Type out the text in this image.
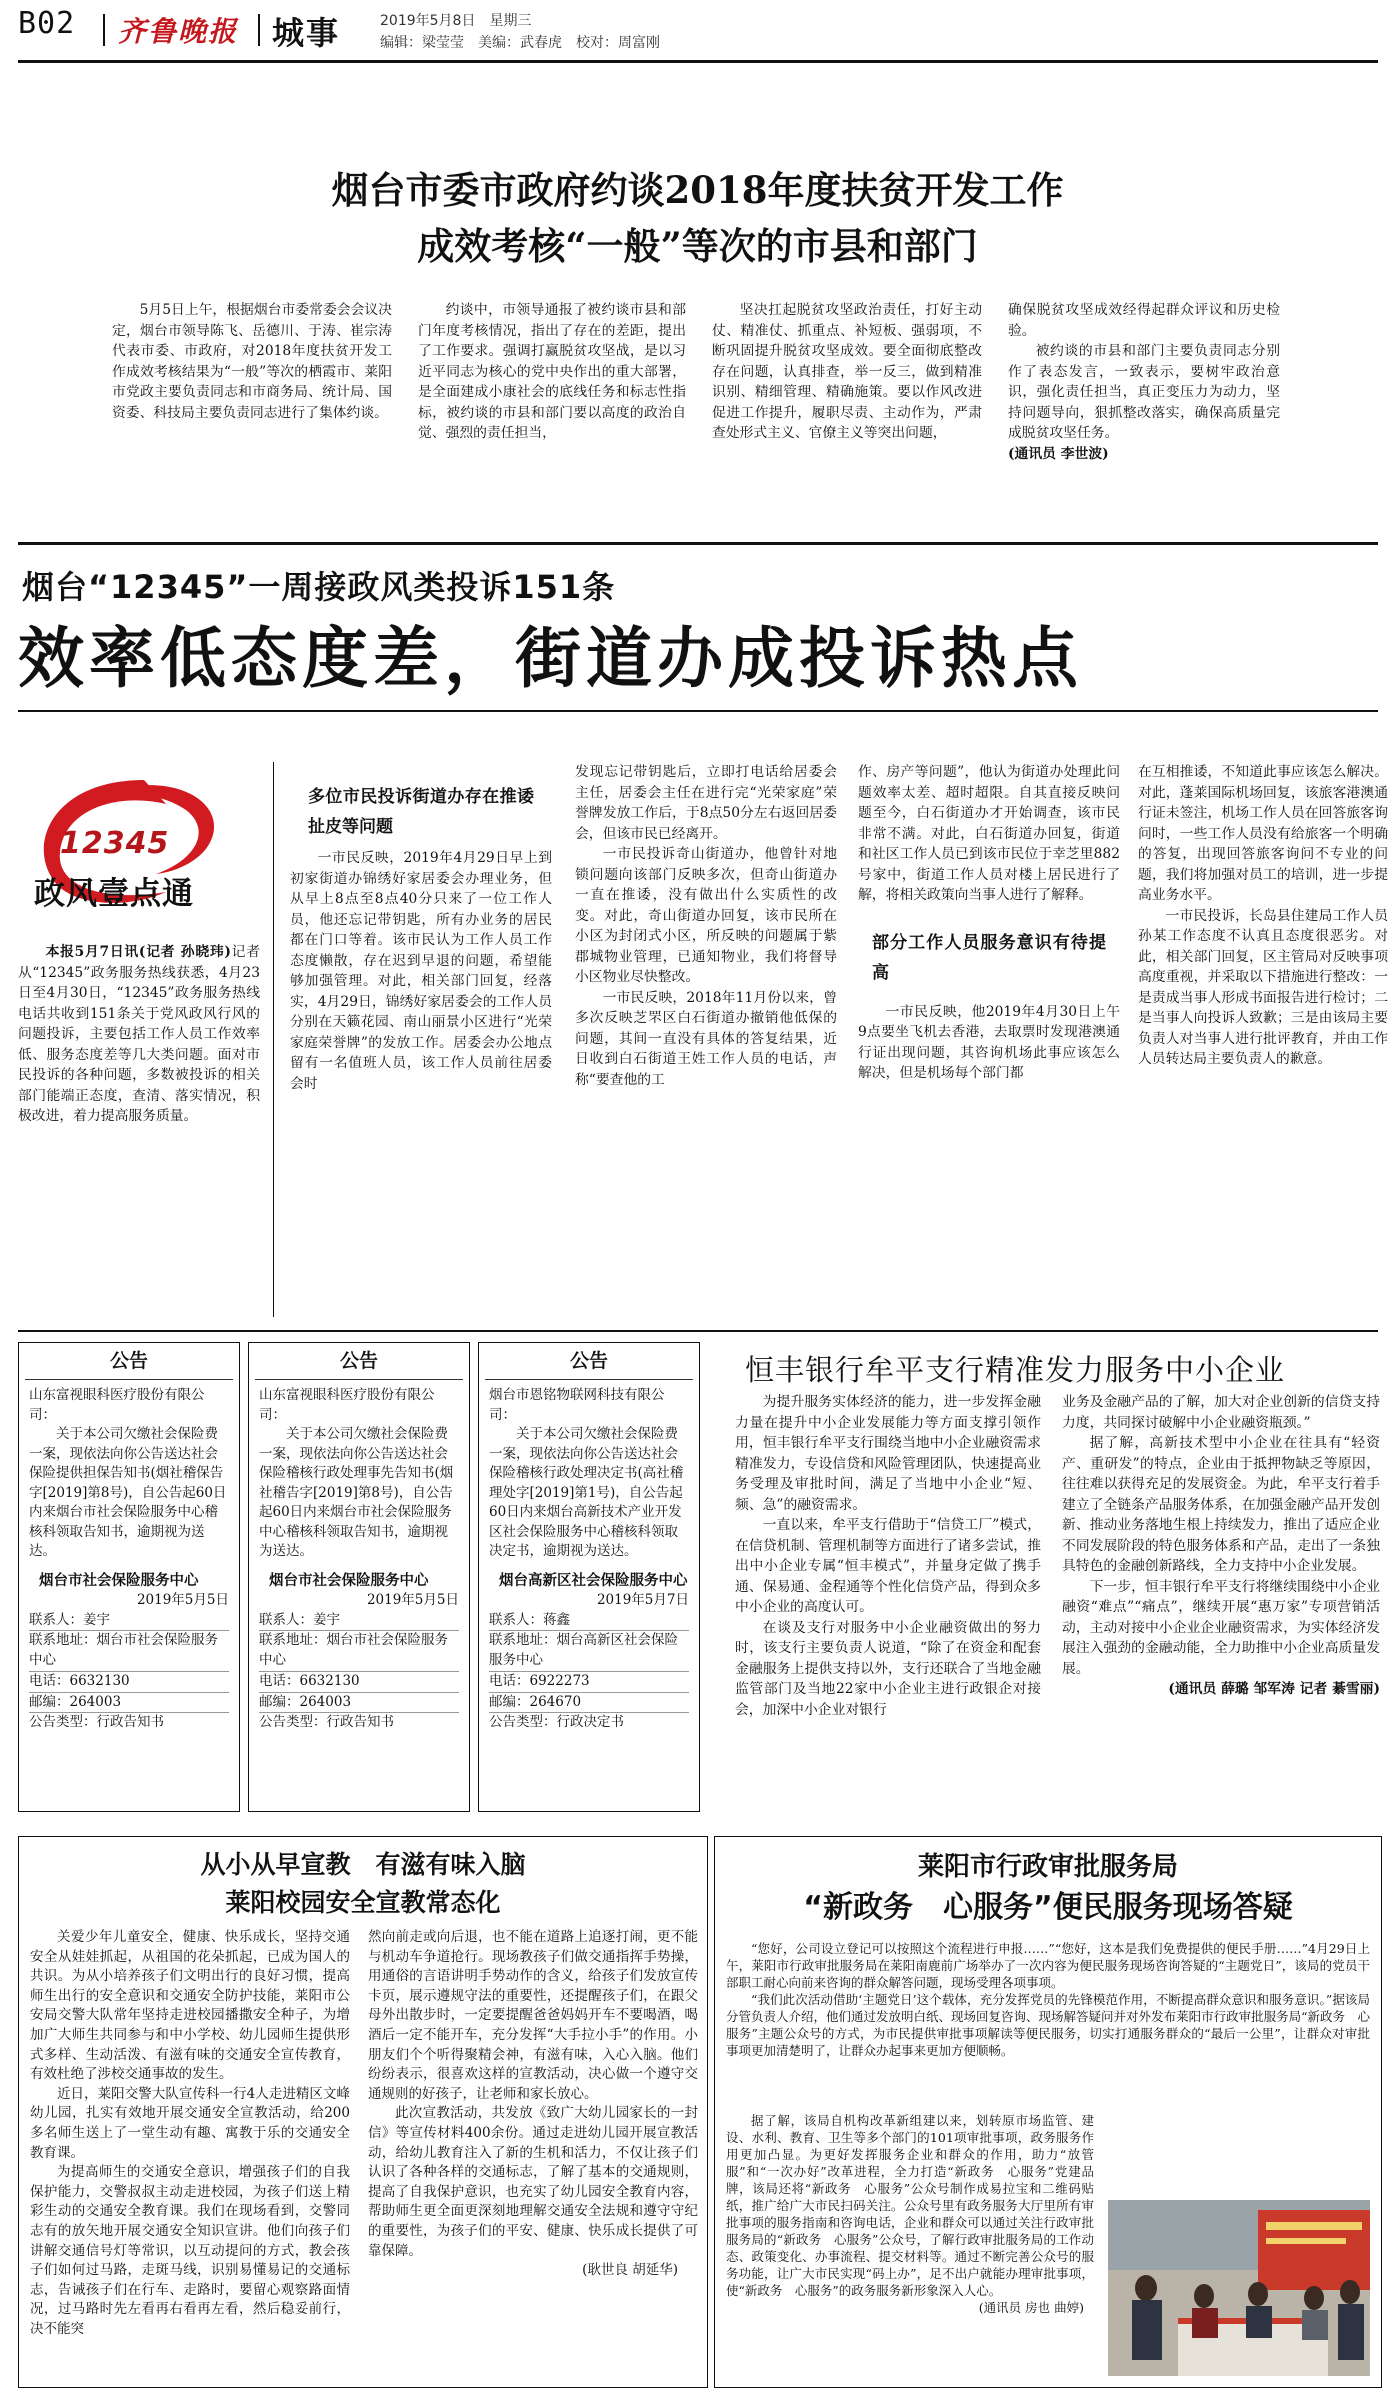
B02 齐鲁晚报 城事	2019年5月8日　星期三
编辑：梁莹莹　美编：武春虎　校对：周富刚
烟台市委市政府约谈2018年度扶贫开发工作
成效考核“一般”等次的市县和部门

5月5日上午，根据烟台市委常委会会议决定，烟台市领导陈飞、岳德川、于涛、崔宗涛代表市委、市政府，对2018年度扶贫开发工作成效考核结果为“一般”等次的栖霞市、莱阳市党政主要负责同志和市商务局、统计局、国资委、科技局主要负责同志进行了集体约谈。

约谈中，市领导通报了被约谈市县和部门年度考核情况，指出了存在的差距，提出了工作要求。强调打赢脱贫攻坚战，是以习近平同志为核心的党中央作出的重大部署，是全面建成小康社会的底线任务和标志性指标，被约谈的市县和部门要以高度的政治自觉、强烈的责任担当，

坚决扛起脱贫攻坚政治责任，打好主动仗、精准仗、抓重点、补短板、强弱项，不断巩固提升脱贫攻坚成效。要全面彻底整改存在问题，认真排查，举一反三，做到精准识别、精细管理、精确施策。要以作风改进促进工作提升，履职尽责、主动作为，严肃查处形式主义、官僚主义等突出问题，

确保脱贫攻坚成效经得起群众评议和历史检验。

被约谈的市县和部门主要负责同志分别作了表态发言，一致表示，要树牢政治意识，强化责任担当，真正变压力为动力，坚持问题导向，狠抓整改落实，确保高质量完成脱贫攻坚任务。

(通讯员 李世波)
烟台“12345”一周接政风类投诉151条
效率低态度差，街道办成投诉热点
12345
政风壹点通

本报5月7日讯(记者 孙晓玮)记者从“12345”政务服务热线获悉，4月23日至4月30日，“12345”政务服务热线电话共收到151条关于党风政风行风的问题投诉，主要包括工作人员工作效率低、服务态度差等几大类问题。面对市民投诉的各种问题，多数被投诉的相关部门能端正态度，查清、落实情况，积极改进，着力提高服务质量。

多位市民投诉街道办存在推诿扯皮等问题

一市民反映，2019年4月29日早上到初家街道办锦绣好家居委会办理业务，但从早上8点至8点40分只来了一位工作人员，他还忘记带钥匙，所有办业务的居民都在门口等着。该市民认为工作人员工作态度懒散，存在迟到早退的问题，希望能够加强管理。对此，相关部门回复，经落实，4月29日，锦绣好家居委会的工作人员分别在天籁花园、南山丽景小区进行“光荣家庭荣誉牌”的发放工作。居委会办公地点留有一名值班人员，该工作人员前往居委会时

发现忘记带钥匙后，立即打电话给居委会主任，居委会主任在进行完“光荣家庭”荣誉牌发放工作后，于8点50分左右返回居委会，但该市民已经离开。

一市民投诉奇山街道办，他曾针对地锁问题向该部门反映多次，但奇山街道办一直在推诿，没有做出什么实质性的改变。对此，奇山街道办回复，该市民所在小区为封闭式小区，所反映的问题属于紫郡城物业管理，已通知物业，我们将督导小区物业尽快整改。

一市民反映，2018年11月份以来，曾多次反映芝罘区白石街道办撤销他低保的问题，其间一直没有具体的答复结果，近日收到白石街道王姓工作人员的电话，声称“要查他的工

作、房产等问题”，他认为街道办处理此问题效率太差、超时超限。自其直接反映问题至今，白石街道办才开始调查，该市民非常不满。对此，白石街道办回复，街道和社区工作人员已到该市民位于幸芝里882号家中，街道工作人员对楼上居民进行了解，将相关政策向当事人进行了解释。

部分工作人员服务意识有待提高

一市民反映，他2019年4月30日上午9点要坐飞机去香港，去取票时发现港澳通行证出现问题，其咨询机场此事应该怎么解决，但是机场每个部门都

在互相推诿，不知道此事应该怎么解决。对此，蓬莱国际机场回复，该旅客港澳通行证未签注，机场工作人员在回答旅客询问时，一些工作人员没有给旅客一个明确的答复，出现回答旅客询问不专业的问题，我们将加强对员工的培训，进一步提高业务水平。

一市民投诉，长岛县住建局工作人员孙某工作态度不认真且态度很恶劣。对此，相关部门回复，区主管局对反映事项高度重视，并采取以下措施进行整改：一是责成当事人形成书面报告进行检讨；二是当事人向投诉人致歉；三是由该局主要负责人对当事人进行批评教育，并由工作人员转达局主要负责人的歉意。

公告

山东富视眼科医疗股份有限公司：

关于本公司欠缴社会保险费一案，现依法向你公告送达社会保险提供担保告知书(烟社稽保告字[2019]第8号)，自公告起60日内来烟台市社会保险服务中心稽核科领取告知书，逾期视为送达。

烟台市社会保险服务中心
2019年5月5日
联系人：姜宇
联系地址：烟台市社会保险服务中心
电话：6632130
邮编：264003
公告类型：行政告知书
公告

山东富视眼科医疗股份有限公司：

关于本公司欠缴社会保险费一案，现依法向你公告送达社会保险稽核行政处理事先告知书(烟社稽告字[2019]第8号)，自公告起60日内来烟台市社会保险服务中心稽核科领取告知书，逾期视为送达。

烟台市社会保险服务中心
2019年5月5日
联系人：姜宇
联系地址：烟台市社会保险服务中心
电话：6632130
邮编：264003
公告类型：行政告知书
公告

烟台市恩铭物联网科技有限公司：

关于本公司欠缴社会保险费一案，现依法向你公告送达社会保险稽核行政处理决定书(高社稽理处字[2019]第1号)，自公告起60日内来烟台高新技术产业开发区社会保险服务中心稽核科领取决定书，逾期视为送达。

烟台高新区社会保险服务中心
2019年5月7日
联系人：蒋鑫
联系地址：烟台高新区社会保险服务中心
电话：6922273
邮编：264670
公告类型：行政决定书
恒丰银行牟平支行精准发力服务中小企业

为提升服务实体经济的能力，进一步发挥金融力量在提升中小企业发展能力等方面支撑引领作用，恒丰银行牟平支行围绕当地中小企业融资需求精准发力，专设信贷和风险管理团队，快速提高业务受理及审批时间，满足了当地中小企业“短、频、急”的融资需求。

一直以来，牟平支行借助于“信贷工厂”模式，在信贷机制、管理机制等方面进行了诸多尝试，推出中小企业专属“恒丰模式”，并量身定做了携手通、保易通、金程通等个性化信贷产品，得到众多中小企业的高度认可。

在谈及支行对服务中小企业融资做出的努力时，该支行主要负责人说道，“除了在资金和配套金融服务上提供支持以外，支行还联合了当地金融监管部门及当地22家中小企业主进行政银企对接会，加深中小企业对银行

业务及金融产品的了解，加大对企业创新的信贷支持力度，共同探讨破解中小企业融资瓶颈。”

据了解，高新技术型中小企业在往具有“轻资产、重研发”的特点，企业由于抵押物缺乏等原因，往往难以获得充足的发展资金。为此，牟平支行着手建立了全链条产品服务体系，在加强金融产品开发创新、推动业务落地生根上持续发力，推出了适应企业不同发展阶段的特色服务体系和产品，走出了一条独具特色的金融创新路线，全力支持中小企业发展。

下一步，恒丰银行牟平支行将继续围绕中小企业融资“难点”“痛点”，继续开展“惠万家”专项营销活动，主动对接中小企业企业融资需求，为实体经济发展注入强劲的金融动能，全力助推中小企业高质量发展。

(通讯员 薛璐 邹军涛 记者 綦雪丽)
从小从早宣教　有滋有味入脑
莱阳校园安全宣教常态化

关爱少年儿童安全，健康、快乐成长，坚持交通安全从娃娃抓起，从祖国的花朵抓起，已成为国人的共识。为从小培养孩子们文明出行的良好习惯，提高师生出行的安全意识和交通安全防护技能，莱阳市公安局交警大队常年坚持走进校园播撒安全种子，为增加广大师生共同参与和中小学校、幼儿园师生提供形式多样、生动活泼、有滋有味的交通安全宣传教育，有效杜绝了涉校交通事故的发生。

近日，莱阳交警大队宣传科一行4人走进精区文峰幼儿园，扎实有效地开展交通安全宣教活动，给200多名师生送上了一堂生动有趣、寓教于乐的交通安全教育课。

为提高师生的交通安全意识，增强孩子们的自我保护能力，交警叔叔主动走进校园，为孩子们送上精彩生动的交通安全教育课。我们在现场看到，交警同志有的放矢地开展交通安全知识宣讲。他们向孩子们讲解交通信号灯等常识，以互动提问的方式，教会孩子们如何过马路，走斑马线，识别易懂易记的交通标志，告诫孩子们在行车、走路时，要留心观察路面情况，过马路时先左看再右看再左看，然后稳妥前行，决不能突

然向前走或向后退，也不能在道路上追逐打闹，更不能与机动车争道抢行。现场教孩子们做交通指挥手势操，用通俗的言语讲明手势动作的含义，给孩子们发放宣传卡页，展示遵规守法的重要性，还提醒孩子们，在跟父母外出散步时，一定要提醒爸爸妈妈开车不要喝酒，喝酒后一定不能开车，充分发挥“大手拉小手”的作用。小朋友们个个听得聚精会神，有滋有味，入心入脑。他们纷纷表示，很喜欢这样的宣教活动，决心做一个遵守交通规则的好孩子，让老师和家长放心。

此次宣教活动，共发放《致广大幼儿园家长的一封信》等宣传材料400余份。通过走进幼儿园开展宣教活动，给幼儿教育注入了新的生机和活力，不仅让孩子们认识了各种各样的交通标志，了解了基本的交通规则，提高了自我保护意识，也充实了幼儿园安全教育内容，帮助师生更全面更深刻地理解交通安全法规和遵守守纪的重要性，为孩子们的平安、健康、快乐成长提供了可靠保障。

(耿世良 胡延华)
莱阳市行政审批服务局
“新政务　心服务”便民服务现场答疑

“您好，公司设立登记可以按照这个流程进行申报……”“您好，这本是我们免费提供的便民手册……”4月29日上午，莱阳市行政审批服务局在莱阳南鹿前广场举办了一次内容为便民服务现场咨询答疑的“主题党日”，该局的党员干部职工耐心向前来咨询的群众解答问题，现场受理各项事项。

“我们此次活动借助‘主题党日’这个载体，充分发挥党员的先锋模范作用，不断提高群众意识和服务意识。”据该局分管负责人介绍，他们通过发放明白纸、现场回复咨询、现场解答疑问并对外发布莱阳市行政审批服务局“新政务　心服务”主题公众号的方式，为市民提供审批事项解读等便民服务，切实打通服务群众的“最后一公里”，让群众对审批事项更加清楚明了，让群众办起事来更加方便顺畅。

据了解，该局自机构改革新组建以来，划转原市场监管、建设、水利、教育、卫生等多个部门的101项审批事项，政务服务作用更加凸显。为更好发挥服务企业和群众的作用，助力“放管服”和“一次办好”改革进程，全力打造“新政务　心服务”党建品牌，该局还将“新政务　心服务”公众号制作成易拉宝和二维码贴纸，推广给广大市民扫码关注。公众号里有政务服务大厅里所有审批事项的服务指南和咨询电话，企业和群众可以通过关注行政审批服务局的“新政务　心服务”公众号，了解行政审批服务局的工作动态、政策变化、办事流程、提交材料等。通过不断完善公众号的服务功能，让广大市民实现“码上办”，足不出户就能办理审批事项，使“新政务　心服务”的政务服务新形象深入人心。

(通讯员 房也 曲婷)
